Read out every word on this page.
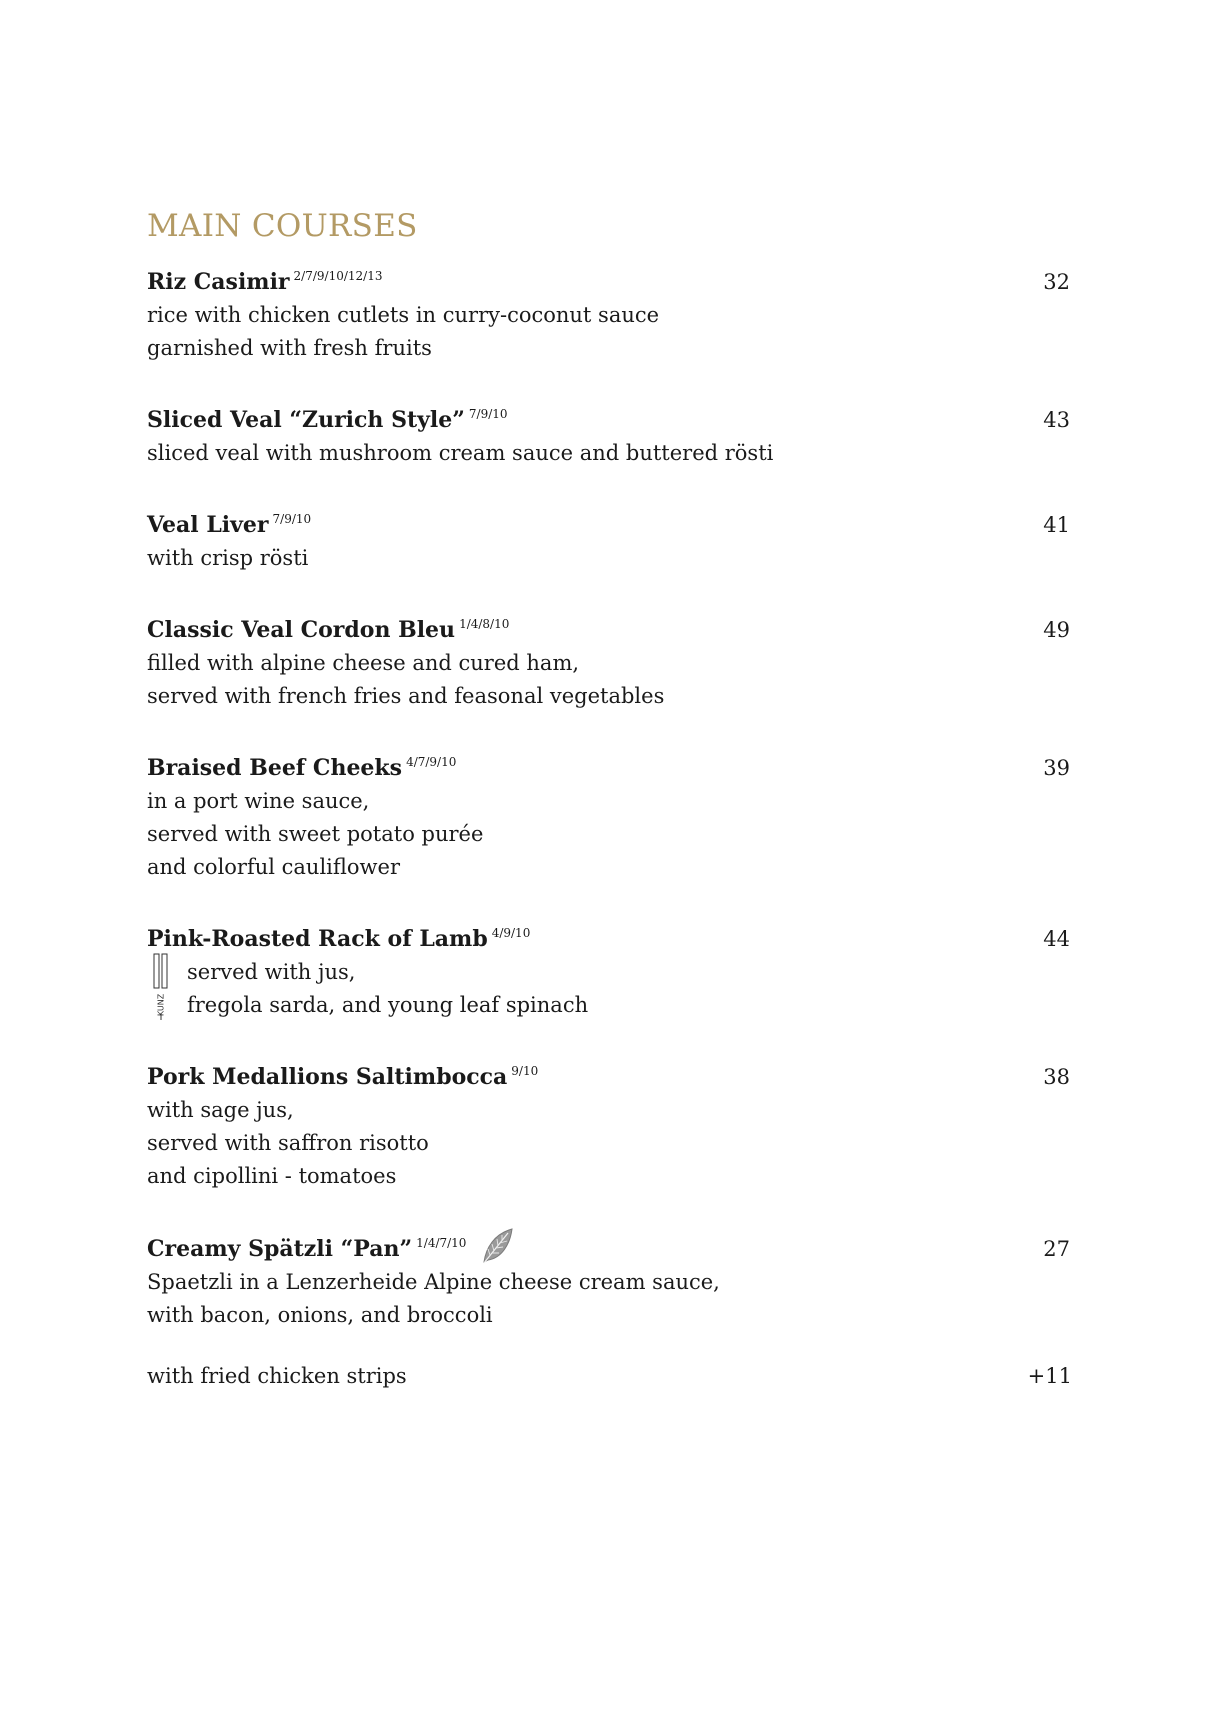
MAIN COURSES
Riz Casimir $^{2/7/9/10/12/13}$	32
rice with chicken cutlets in curry-coconut sauce
garnished with fresh fruits
Sliced Veal “Zurich Style” $^{7/9/10}$	43
sliced veal with mushroom cream sauce and buttered rösti
Veal Liver $^{7/9/10}$	41
with crisp rösti
Classic Veal Cordon Bleu $^{1/4/8/10}$	49
filled with alpine cheese and cured ham,
served with french fries and feasonal vegetables
Braised Beef Cheeks $^{4/7/9/10}$	39
in a port wine sauce,
served with sweet potato purée
and colorful cauliflower
Pink-Roasted Rack of Lamb $^{4/9/10}$	44
KUNZ
served with jus,
fregola sarda, and young leaf spinach
Pork Medallions Saltimbocca $^{9/10}$	38
with sage jus,
served with saffron risotto
and cipollini - tomatoes
Creamy Spätzli “Pan” $^{1/4/7/10}$	27
Spaetzli in a Lenzerheide Alpine cheese cream sauce,
with bacon, onions, and broccoli
with fried chicken strips	+11
